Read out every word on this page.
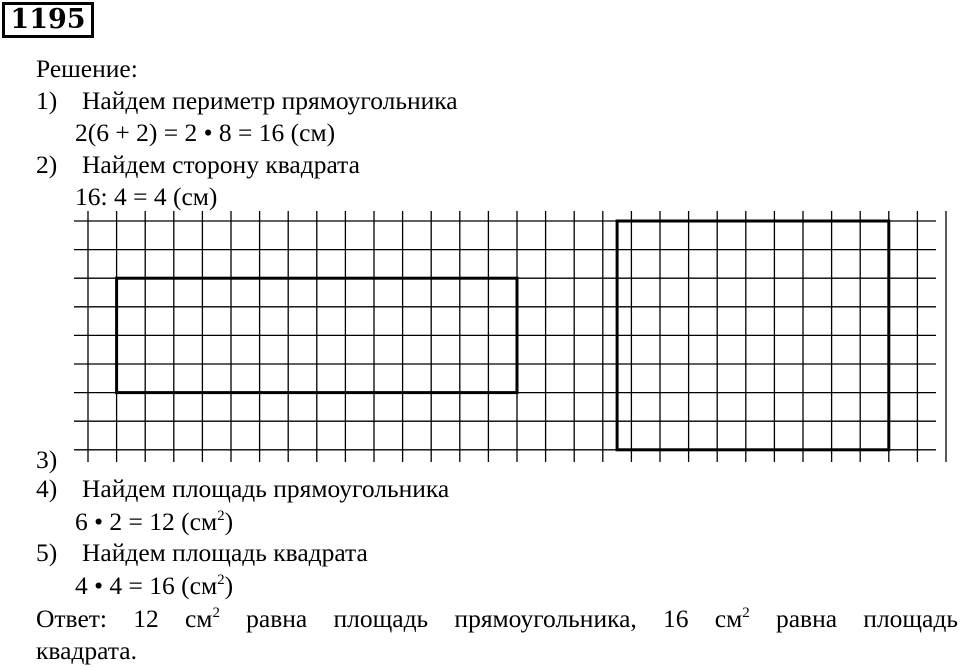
1195
Решение:
1) Найдем периметр прямоугольника
2(6 + 2) = 2 • 8 = 16 (см)
2) Найдем сторону квадрата
16: 4 = 4 (см)
3)
4) Найдем площадь прямоугольника
6 • 2 = 12 $(см^2)$
5) Найдем площадь квадрата
4 • 4 = 16 $(см^2)$
Ответ: 12 $см^2$ равна площадь прямоугольника, 16 $см^2$ равна площадь
квадрата.
